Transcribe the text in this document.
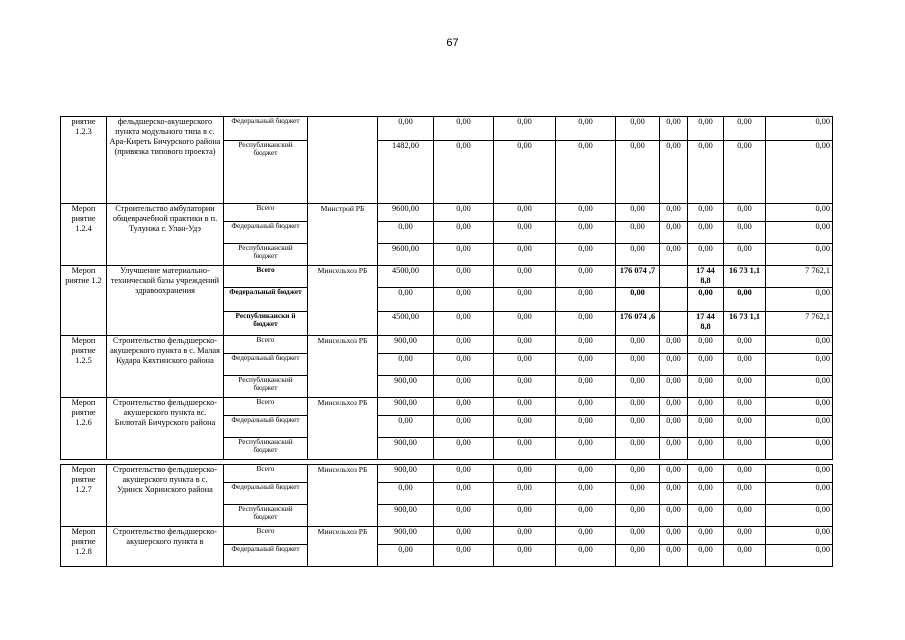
67
риятие 1.2.3	фельдшерско-акушерского пункта модульного типа в с. Ара-Киреть Бичурского района (привязка типового проекта)	Федеральный бюджет		0,00	0,00	0,00	0,00	0,00	0,00	0,00	0,00	0,00
		Республиканский бюджет		1482,00	0,00	0,00	0,00	0,00	0,00	0,00	0,00	0,00
Мероп риятие 1.2.4	Строительство амбулатории общеврачебной практики в п. Тулунжа г. Улан-Удэ	Всего	Минстрой РБ	9600,00	0,00	0,00	0,00	0,00	0,00	0,00	0,00	0,00
		Федеральный бюджет		0,00	0,00	0,00	0,00	0,00	0,00	0,00	0,00	0,00
		Республиканский бюджет		9600,00	0,00	0,00	0,00	0,00	0,00	0,00	0,00	0,00
Мероп риятие 1.2	Улучшение материально-технической базы учреждений здравоохранения	Всего	Минсельхоз РБ	4500,00	0,00	0,00	0,00	176 074 ,7		17 44 8,8	16 73 1,1	7 762,1
		Федеральный бюджет		0,00	0,00	0,00	0,00	0,00		0,00	0,00	0,00
		Республикански й бюджет		4500,00	0,00	0,00	0,00	176 074 ,6		17 44 8,8	16 73 1,1	7 762,1
Мероп риятие 1.2.5	Строительство фельдшерско-акушерского пункта в с. Малая Кудара Кяхтинского района	Всего	Минсельхоз РБ	900,00	0,00	0,00	0,00	0,00	0,00	0,00	0,00	0,00
		Федеральный бюджет		0,00	0,00	0,00	0,00	0,00	0,00	0,00	0,00	0,00
		Республиканский бюджет		900,00	0,00	0,00	0,00	0,00	0,00	0,00	0,00	0,00
Мероп риятие 1.2.6	Строительство фельдшерско-акушерского пункта вс. Билютай Бичурского района	Всего	Минсельхоз РБ	900,00	0,00	0,00	0,00	0,00	0,00	0,00	0,00	0,00
		Федеральный бюджет		0,00	0,00	0,00	0,00	0,00	0,00	0,00	0,00	0,00
		Республиканский бюджет		900,00	0,00	0,00	0,00	0,00	0,00	0,00	0,00	0,00

Мероп риятие 1.2.7	Строительство фельдшерско-акушерского пункта в с. Удинск Хоринского района	Всего	Минсельхоз РБ	900,00	0,00	0,00	0,00	0,00	0,00	0,00	0,00	0,00
		Федеральный бюджет		0,00	0,00	0,00	0,00	0,00	0,00	0,00	0,00	0,00
		Республиканский бюджет		900,00	0,00	0,00	0,00	0,00	0,00	0,00	0,00	0,00
Мероп риятие 1.2.8	Строительство фельдшерско-акушерского пункта в	Всего	Минсельхоз РБ	900,00	0,00	0,00	0,00	0,00	0,00	0,00	0,00	0,00
		Федеральный бюджет		0,00	0,00	0,00	0,00	0,00	0,00	0,00	0,00	0,00
